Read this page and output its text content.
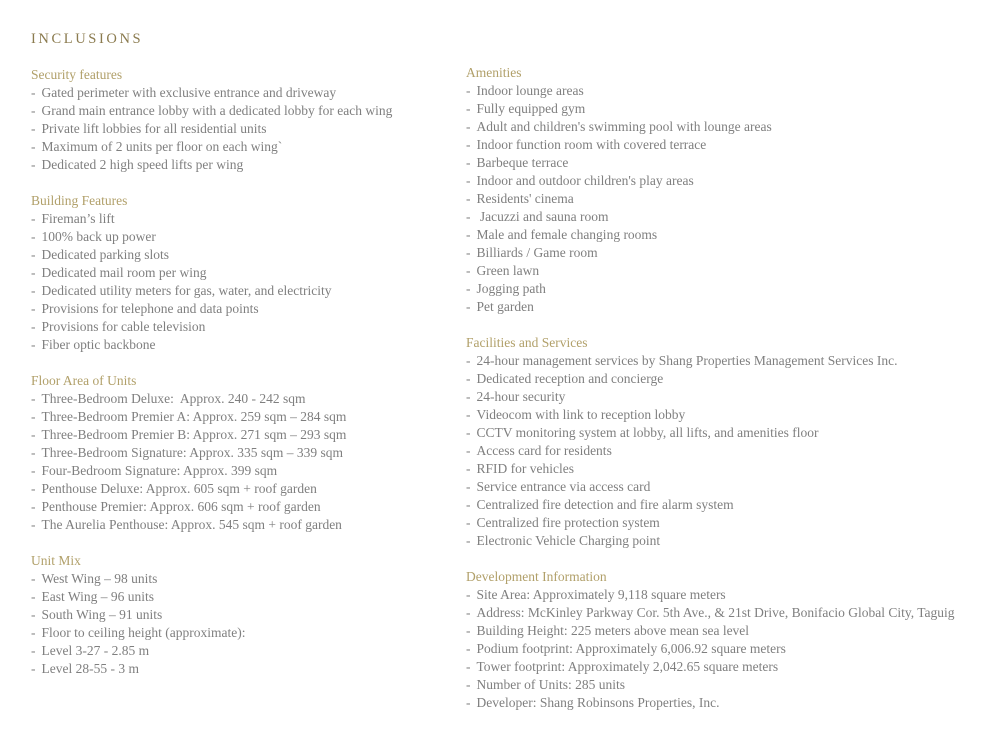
INCLUSIONS
Security features
- Gated perimeter with exclusive entrance and driveway
- Grand main entrance lobby with a dedicated lobby for each wing
- Private lift lobbies for all residential units
- Maximum of 2 units per floor on each wing`
- Dedicated 2 high speed lifts per wing
Building Features
- Fireman’s lift
- 100% back up power
- Dedicated parking slots
- Dedicated mail room per wing
- Dedicated utility meters for gas, water, and electricity
- Provisions for telephone and data points
- Provisions for cable television
- Fiber optic backbone
Floor Area of Units
- Three-Bedroom Deluxe:  Approx. 240 - 242 sqm
- Three-Bedroom Premier A: Approx. 259 sqm – 284 sqm
- Three-Bedroom Premier B: Approx. 271 sqm – 293 sqm
- Three-Bedroom Signature: Approx. 335 sqm – 339 sqm
- Four-Bedroom Signature: Approx. 399 sqm
- Penthouse Deluxe: Approx. 605 sqm + roof garden
- Penthouse Premier: Approx. 606 sqm + roof garden
- The Aurelia Penthouse: Approx. 545 sqm + roof garden
Unit Mix
- West Wing – 98 units
- East Wing – 96 units
- South Wing – 91 units
- Floor to ceiling height (approximate):
- Level 3-27 - 2.85 m
- Level 28-55 - 3 m
Amenities
- Indoor lounge areas
- Fully equipped gym
- Adult and children's swimming pool with lounge areas
- Indoor function room with covered terrace
- Barbeque terrace
- Indoor and outdoor children's play areas
- Residents' cinema
- Jacuzzi and sauna room
- Male and female changing rooms
- Billiards / Game room
- Green lawn
- Jogging path
- Pet garden
Facilities and Services
- 24-hour management services by Shang Properties Management Services Inc.
- Dedicated reception and concierge
- 24-hour security
- Videocom with link to reception lobby
- CCTV monitoring system at lobby, all lifts, and amenities floor
- Access card for residents
- RFID for vehicles
- Service entrance via access card
- Centralized fire detection and fire alarm system
- Centralized fire protection system
- Electronic Vehicle Charging point
Development Information
- Site Area: Approximately 9,118 square meters
- Address: McKinley Parkway Cor. 5th Ave., & 21st Drive, Bonifacio Global City, Taguig
- Building Height: 225 meters above mean sea level
- Podium footprint: Approximately 6,006.92 square meters
- Tower footprint: Approximately 2,042.65 square meters
- Number of Units: 285 units
- Developer: Shang Robinsons Properties, Inc.
